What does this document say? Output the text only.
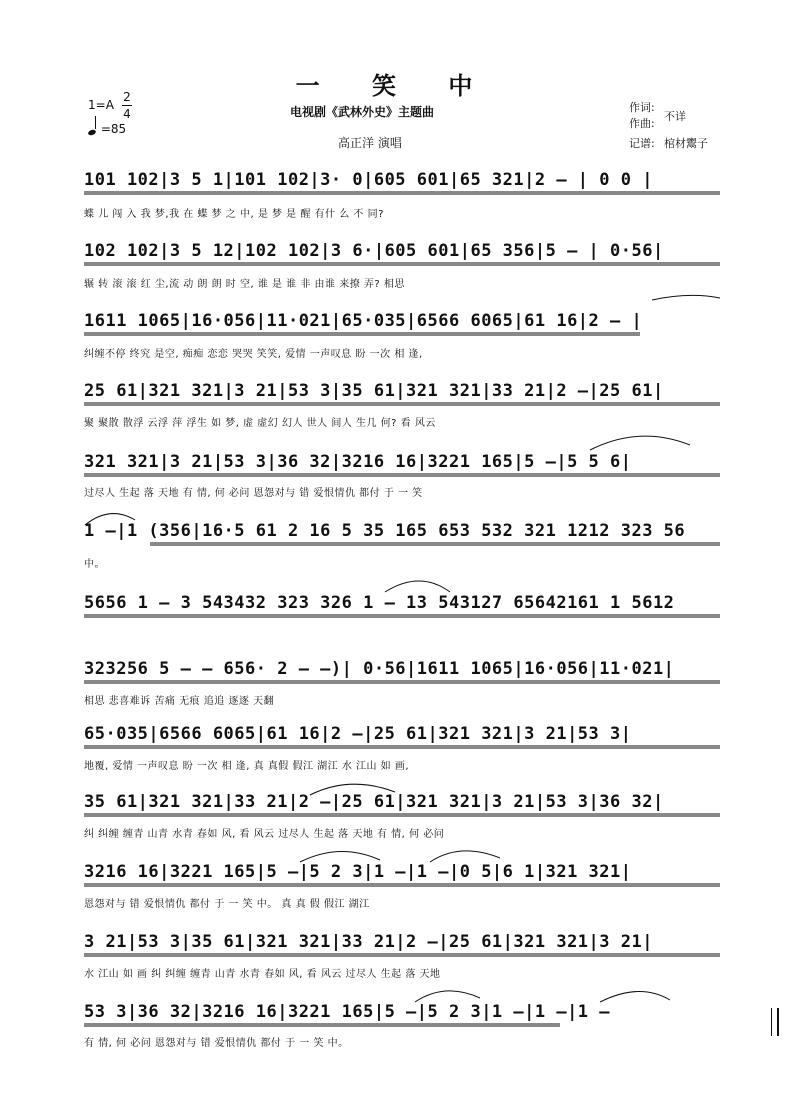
一 笑 中
电视剧《武林外史》主题曲
高正洋 演唱
1=A
2
4
=85
作词:
作曲:
不详
记谱: 棺材鬻子
101 102|3 5 1|101 102|3· 0|605 601|65 321|2 – | 0 0 |
蝶 儿 闯 入 我 梦,我 在 蝶 梦 之 中, 是 梦 是 醒 有什 么 不 同?
102 102|3 5 12|102 102|3 6·|605 601|65 356|5 – | 0·56|
辗 转 滚 滚 红 尘,流 动 朗 朗 时 空, 谁 是 谁 非 由谁 来撩 弄? 相思
1611 1065|16·056|11·021|65·035|6566 6065|61 16|2 – |
纠缠不停 终究 是空, 痴痴 恋恋 哭哭 笑笑, 爱情 一声叹息 盼 一次 相 逢,
25 61|321 321|3 21|53 3|35 61|321 321|33 21|2 –|25 61|
聚 聚散 散浮 云浮 萍 浮生 如 梦, 虚 虚幻 幻人 世人 间人 生几 何? 看 风云
321 321|3 21|53 3|36 32|3216 16|3221 165|5 –|5 5 6|
过尽人 生起 落 天地 有 情, 何 必问 恩怨对与 错 爱恨情仇 都付 于 一 笑
1 –|1 (356|16·5 61 2 16 5 35 165 653 532 321 1212 323 56
中。
5656 1 – 3 543432 323 326 1 – 13 543127 65642161 1 5612
323256 5 – – 656· 2 – –)| 0·56|1611 1065|16·056|11·021|
相思 悲喜难诉 苦痛 无痕 追追 逐逐 天翻
65·035|6566 6065|61 16|2 –|25 61|321 321|3 21|53 3|
地覆, 爱情 一声叹息 盼 一次 相 逢, 真 真假 假江 湖江 水 江山 如 画,
35 61|321 321|33 21|2 –|25 61|321 321|3 21|53 3|36 32|
纠 纠缠 缠青 山青 水青 春如 风, 看 风云 过尽人 生起 落 天地 有 情, 何 必问
3216 16|3221 165|5 –|5 2 3|1 –|1 –|0 5|6 1|321 321|
恩怨对与 错 爱恨情仇 都付 于 一 笑 中。 真 真 假 假江 湖江
3 21|53 3|35 61|321 321|33 21|2 –|25 61|321 321|3 21|
水 江山 如 画 纠 纠缠 缠青 山青 水青 春如 风, 看 风云 过尽人 生起 落 天地
53 3|36 32|3216 16|3221 165|5 –|5 2 3|1 –|1 –|1 –
有 情, 何 必问 恩怨对与 错 爱恨情仇 都付 于 一 笑 中。
